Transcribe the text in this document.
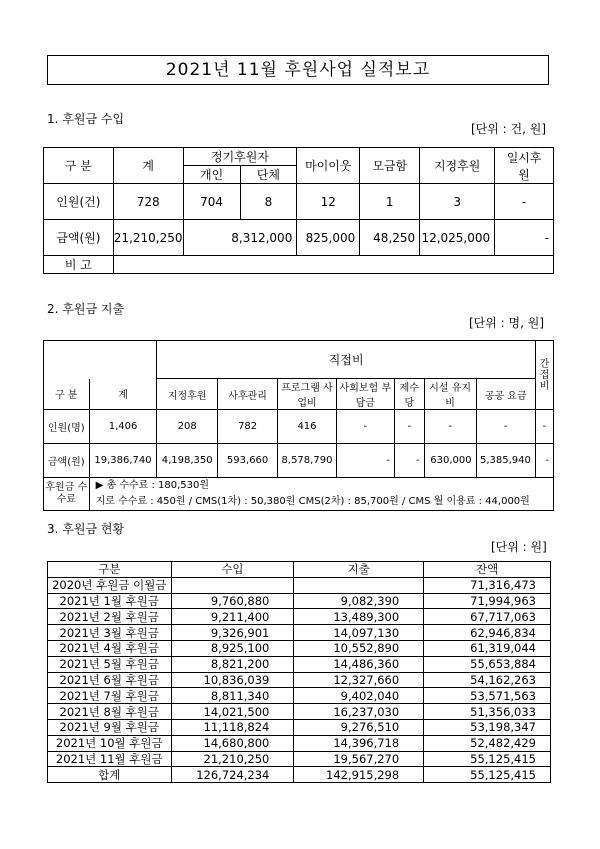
2021년 11월 후원사업 실적보고
1. 후원금 수입
[단위 : 건, 원]
구 분	계	정기후원자		마이이웃	모금함	지정후원	일시후원
		개인	단체				
인원(건)	728	704	8	12	1	3	-
금액(원)	21,210,250	8,312,000		825,000	48,250	12,025,000	-
비 고							
2. 후원금 지출
[단위 : 명, 원]
		직접비							간접비
구 분	계	지정후원	사후관리	프로그램 사업비	사회보험 부담금	제수당	시설 유지비	공공 요금	
인원(명)	1,406	208	782	416	-	-	-	-	-
금액(원)	19,386,740	4,198,350	593,660	8,578,790	-	-	630,000	5,385,940	-
후원금 수수료	▶ 총 수수료 : 180,530원
지로 수수료 : 450원 / CMS(1차) : 50,380원 CMS(2차) : 85,700원 / CMS 월 이용료 : 44,000원								
3. 후원금 현황
[단위 : 원]
구분	수입	지출	잔액
2020년 후원금 이월금			71,316,473
2021년 1월 후원금	9,760,880	9,082,390	71,994,963
2021년 2월 후원금	9,211,400	13,489,300	67,717,063
2021년 3월 후원금	9,326,901	14,097,130	62,946,834
2021년 4월 후원금	8,925,100	10,552,890	61,319,044
2021년 5월 후원금	8,821,200	14,486,360	55,653,884
2021년 6월 후원금	10,836,039	12,327,660	54,162,263
2021년 7월 후원금	8,811,340	9,402,040	53,571,563
2021년 8월 후원금	14,021,500	16,237,030	51,356,033
2021년 9월 후원금	11,118,824	9,276,510	53,198,347
2021년 10월 후원금	14,680,800	14,396,718	52,482,429
2021년 11월 후원금	21,210,250	19,567,270	55,125,415
합계	126,724,234	142,915,298	55,125,415
